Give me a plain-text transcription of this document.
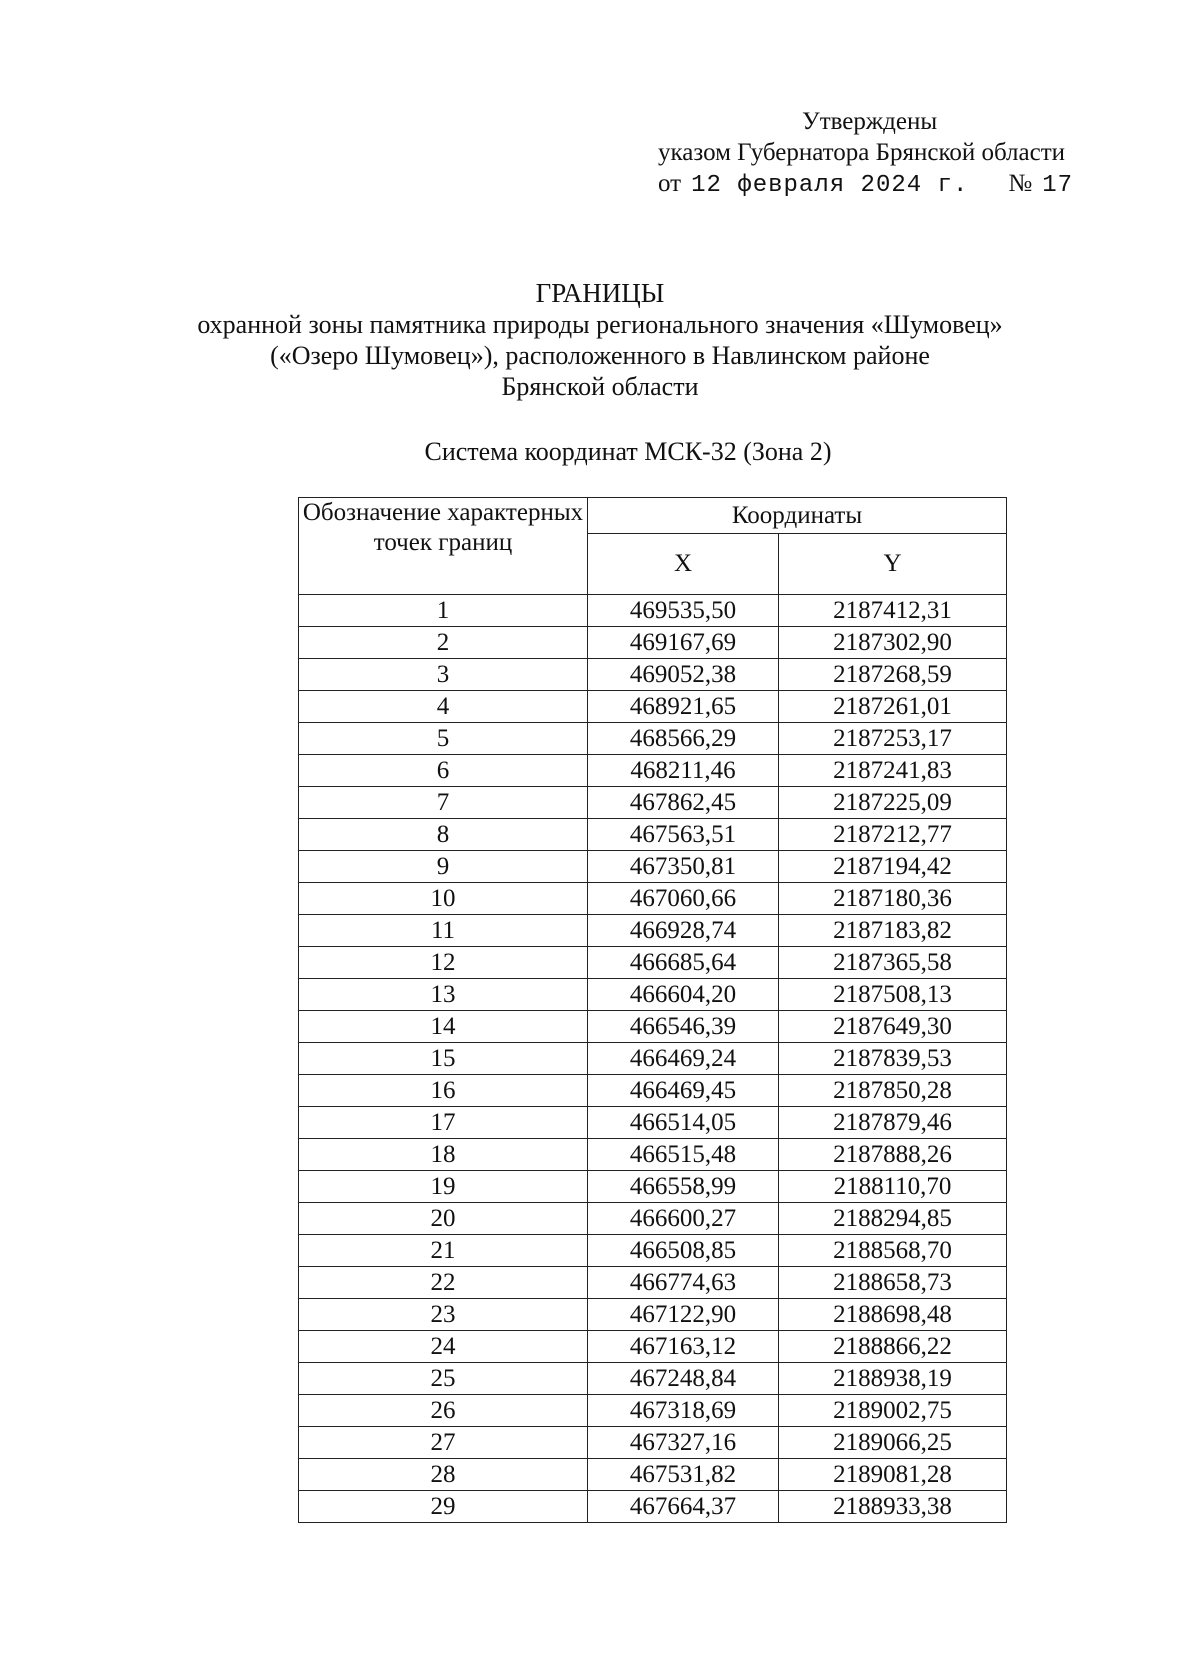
Утверждены
указом Губернатора Брянской области
от 12 февраля 2024 г. № 17
ГРАНИЦЫ
охранной зоны памятника природы регионального значения «Шумовец»
(«Озеро Шумовец»), расположенного в Навлинском районе
Брянской области
Система координат МСК-32 (Зона 2)
Обозначение характерных точек границ	Координаты	
	X	Y
1	469535,50	2187412,31
2	469167,69	2187302,90
3	469052,38	2187268,59
4	468921,65	2187261,01
5	468566,29	2187253,17
6	468211,46	2187241,83
7	467862,45	2187225,09
8	467563,51	2187212,77
9	467350,81	2187194,42
10	467060,66	2187180,36
11	466928,74	2187183,82
12	466685,64	2187365,58
13	466604,20	2187508,13
14	466546,39	2187649,30
15	466469,24	2187839,53
16	466469,45	2187850,28
17	466514,05	2187879,46
18	466515,48	2187888,26
19	466558,99	2188110,70
20	466600,27	2188294,85
21	466508,85	2188568,70
22	466774,63	2188658,73
23	467122,90	2188698,48
24	467163,12	2188866,22
25	467248,84	2188938,19
26	467318,69	2189002,75
27	467327,16	2189066,25
28	467531,82	2189081,28
29	467664,37	2188933,38
